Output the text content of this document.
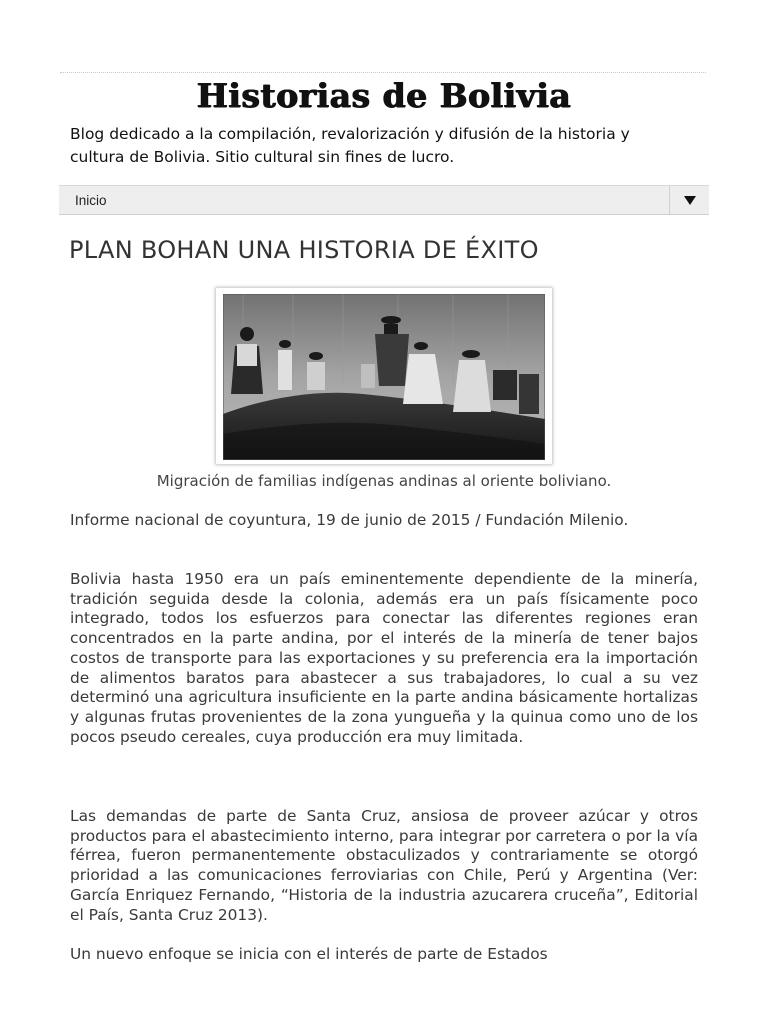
Historias de Bolivia

Blog dedicado a la compilación, revalorización y difusión de la historia y cultura de Bolivia. Sitio cultural sin fines de lucro.

Inicio
PLAN BOHAN UNA HISTORIA DE ÉXITO

Migración de familias indígenas andinas al oriente boliviano.

Informe nacional de coyuntura, 19 de junio de 2015 / Fundación Milenio.

Bolivia hasta 1950 era un país eminentemente dependiente de la minería, tradición seguida desde la colonia, además era un país físicamente poco integrado, todos los esfuerzos para conectar las diferentes regiones eran concentrados en la parte andina, por el interés de la minería de tener bajos costos de transporte para las exportaciones y su preferencia era la importación de alimentos baratos para abastecer a sus trabajadores, lo cual a su vez determinó una agricultura insuficiente en la parte andina básicamente hortalizas y algunas frutas provenientes de la zona yungueña y la quinua como uno de los pocos pseudo cereales, cuya producción era muy limitada.

Las demandas de parte de Santa Cruz, ansiosa de proveer azúcar y otros productos para el abastecimiento interno, para integrar por carretera o por la vía férrea, fueron permanentemente obstaculizados y contrariamente se otorgó prioridad a las comunicaciones ferroviarias con Chile, Perú y Argentina (Ver: García Enriquez Fernando, “Historia de la industria azucarera cruceña”, Editorial el País, Santa Cruz 2013).

Un nuevo enfoque se inicia con el interés de parte de Estados
